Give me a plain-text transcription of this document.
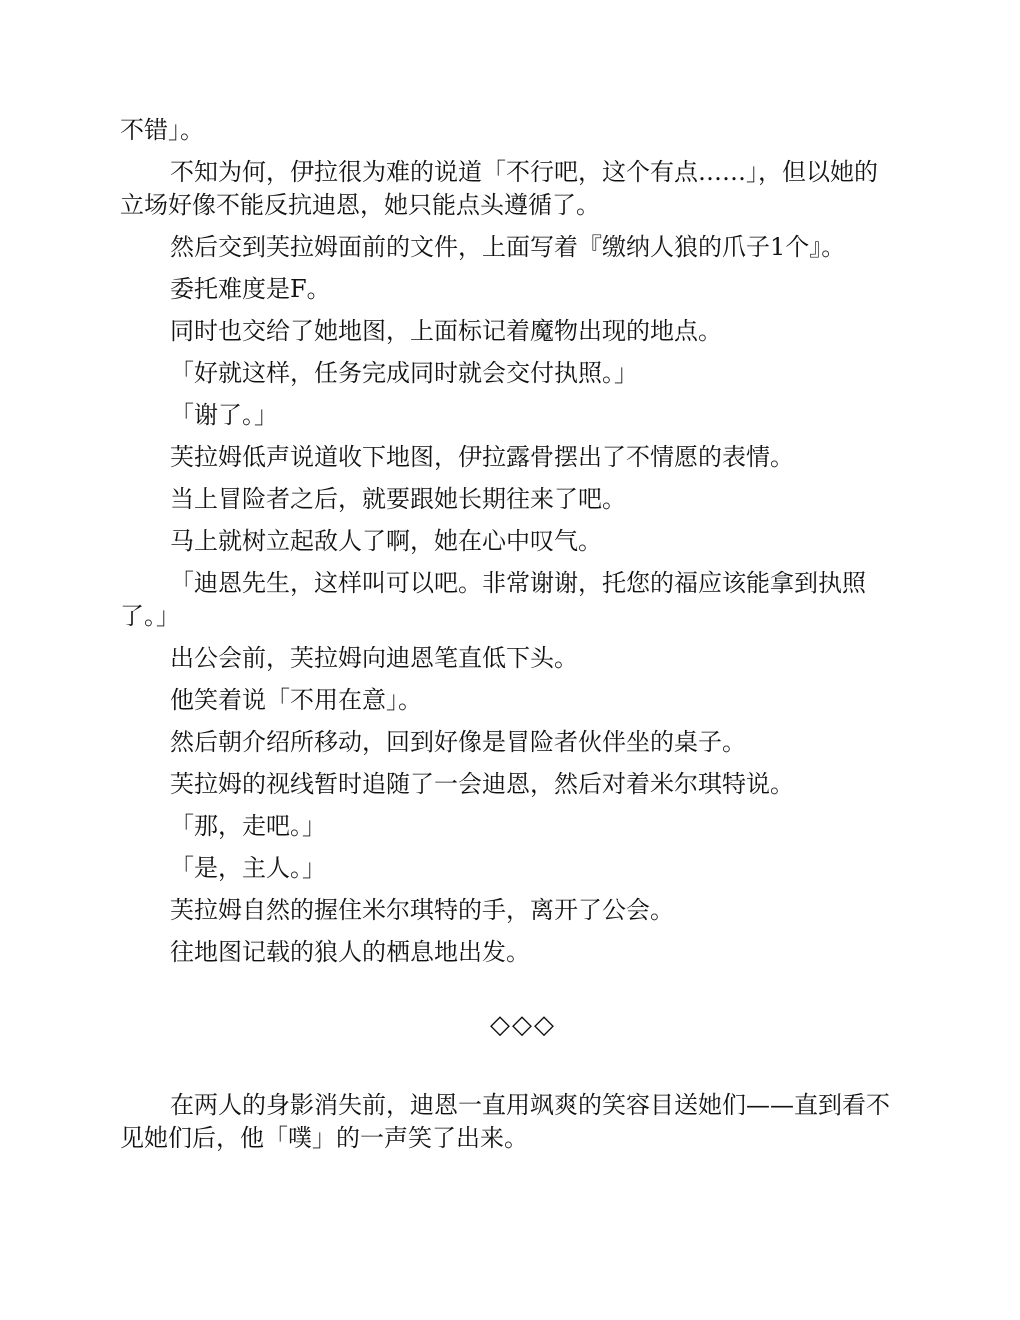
不错」。

不知为何，伊拉很为难的说道「不行吧，这个有点……」，但以她的立场好像不能反抗迪恩，她只能点头遵循了。

然后交到芙拉姆面前的文件，上面写着『缴纳人狼的爪子1个』。

委托难度是F。

同时也交给了她地图，上面标记着魔物出现的地点。

「好就这样，任务完成同时就会交付执照。」

「谢了。」

芙拉姆低声说道收下地图，伊拉露骨摆出了不情愿的表情。

当上冒险者之后，就要跟她长期往来了吧。

马上就树立起敌人了啊，她在心中叹气。

「迪恩先生，这样叫可以吧。非常谢谢，托您的福应该能拿到执照了。」

出公会前，芙拉姆向迪恩笔直低下头。

他笑着说「不用在意」。

然后朝介绍所移动，回到好像是冒险者伙伴坐的桌子。

芙拉姆的视线暂时追随了一会迪恩，然后对着米尔琪特说。

「那，走吧。」

「是，主人。」

芙拉姆自然的握住米尔琪特的手，离开了公会。

往地图记载的狼人的栖息地出发。

◇◇◇

在两人的身影消失前，迪恩一直用飒爽的笑容目送她们——直到看不见她们后，他「噗」的一声笑了出来。
